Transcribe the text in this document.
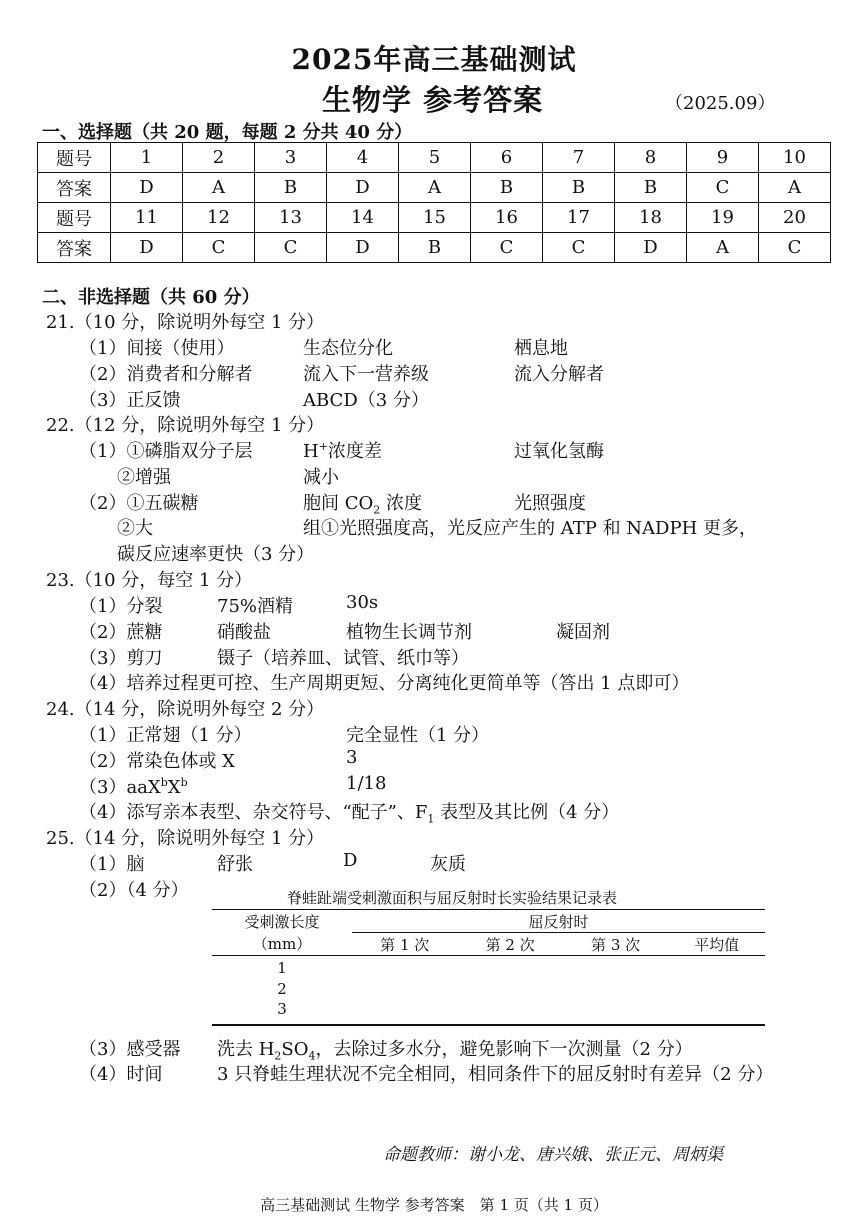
2025年高三基础测试
生物学 参考答案	（2025.09）
一、选择题（共 20 题，每题 2 分共 40 分）
题号	1	2	3	4	5	6	7	8	9	10
答案	D	A	B	D	A	B	B	B	C	A
题号	11	12	13	14	15	16	17	18	19	20
答案	D	C	C	D	B	C	C	D	A	C
二、非选择题（共 60 分）
21.（10 分，除说明外每空 1 分）
（1）间接（使用）	生态位分化	栖息地
（2）消费者和分解者	流入下一营养级	流入分解者
（3）正反馈	ABCD（3 分）
22.（12 分，除说明外每空 1 分）
（1）①磷脂双分子层	H+浓度差	过氧化氢酶
②增强	减小
（2）①五碳糖	胞间 $CO_2$ 浓度	光照强度
②大	组①光照强度高，光反应产生的 ATP 和 NADPH 更多，
碳反应速率更快（3 分）
23.（10 分，每空 1 分）
（1）分裂	75%酒精	30s
（2）蔗糖	硝酸盐	植物生长调节剂	凝固剂
（3）剪刀	镊子（培养皿、试管、纸巾等）
（4）培养过程更可控、生产周期更短、分离纯化更简单等（答出 1 点即可）
24.（14 分，除说明外每空 2 分）
（1）正常翅（1 分）	完全显性（1 分）
（2）常染色体或 X	3
$(3)aaX^bX^b$	1/18
（4）添写亲本表型、杂交符号、“配子”、$F_1$ 表型及其比例（4 分）
25.（14 分，除说明外每空 1 分）
（1）脑	舒张	D	灰质
（2）（4 分）	脊蛙趾端受刺激面积与屈反射时长实验结果记录表
受刺激长度	屈反射时			
（mm）	第 1 次	第 2 次	第 3 次	平均值
1				
2				
3				
（3）感受器 洗去 $H_2SO_4$，去除过多水分，避免影响下一次测量（2 分）
（4）时间	3 只脊蛙生理状况不完全相同，相同条件下的屈反射时有差异（2 分）
命题教师：谢小龙、唐兴娥、张正元、周炳渠
高三基础测试 生物学 参考答案　第 1 页（共 1 页）
